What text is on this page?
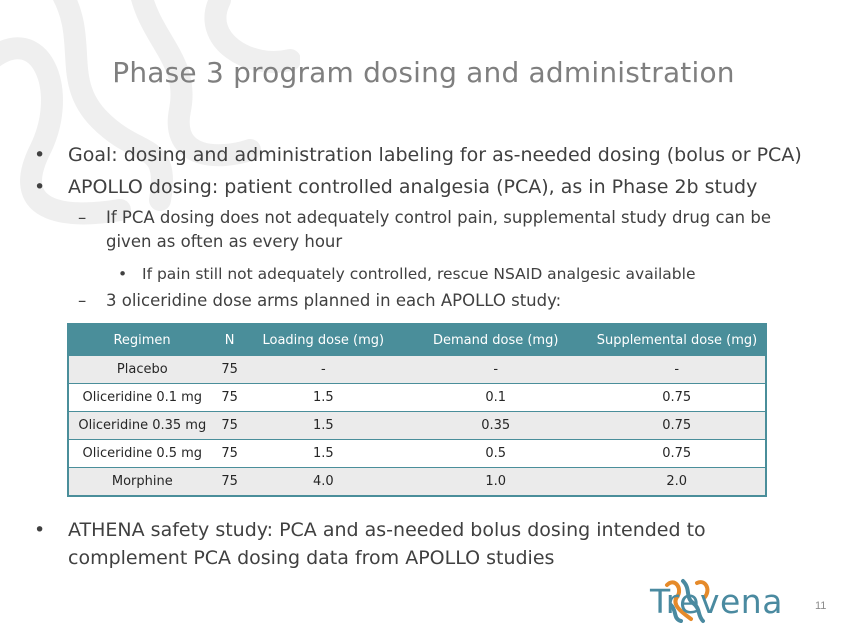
Phase 3 program dosing and administration
• Goal: dosing and administration labeling for as-needed dosing (bolus or PCA)
• APOLLO dosing: patient controlled analgesia (PCA), as in Phase 2b study
– If PCA dosing does not adequately control pain, supplemental study drug can be
given as often as every hour
• If pain still not adequately controlled, rescue NSAID analgesic available
– 3 oliceridine dose arms planned in each APOLLO study:
Regimen	N	Loading dose (mg)	Demand dose (mg)	Supplemental dose (mg)
Placebo	75	-	-	-
Oliceridine 0.1 mg	75	1.5	0.1	0.75
Oliceridine 0.35 mg	75	1.5	0.35	0.75
Oliceridine 0.5 mg	75	1.5	0.5	0.75
Morphine	75	4.0	1.0	2.0
• ATHENA safety study: PCA and as-needed bolus dosing intended to
complement PCA dosing data from APOLLO studies
Trevena	11
